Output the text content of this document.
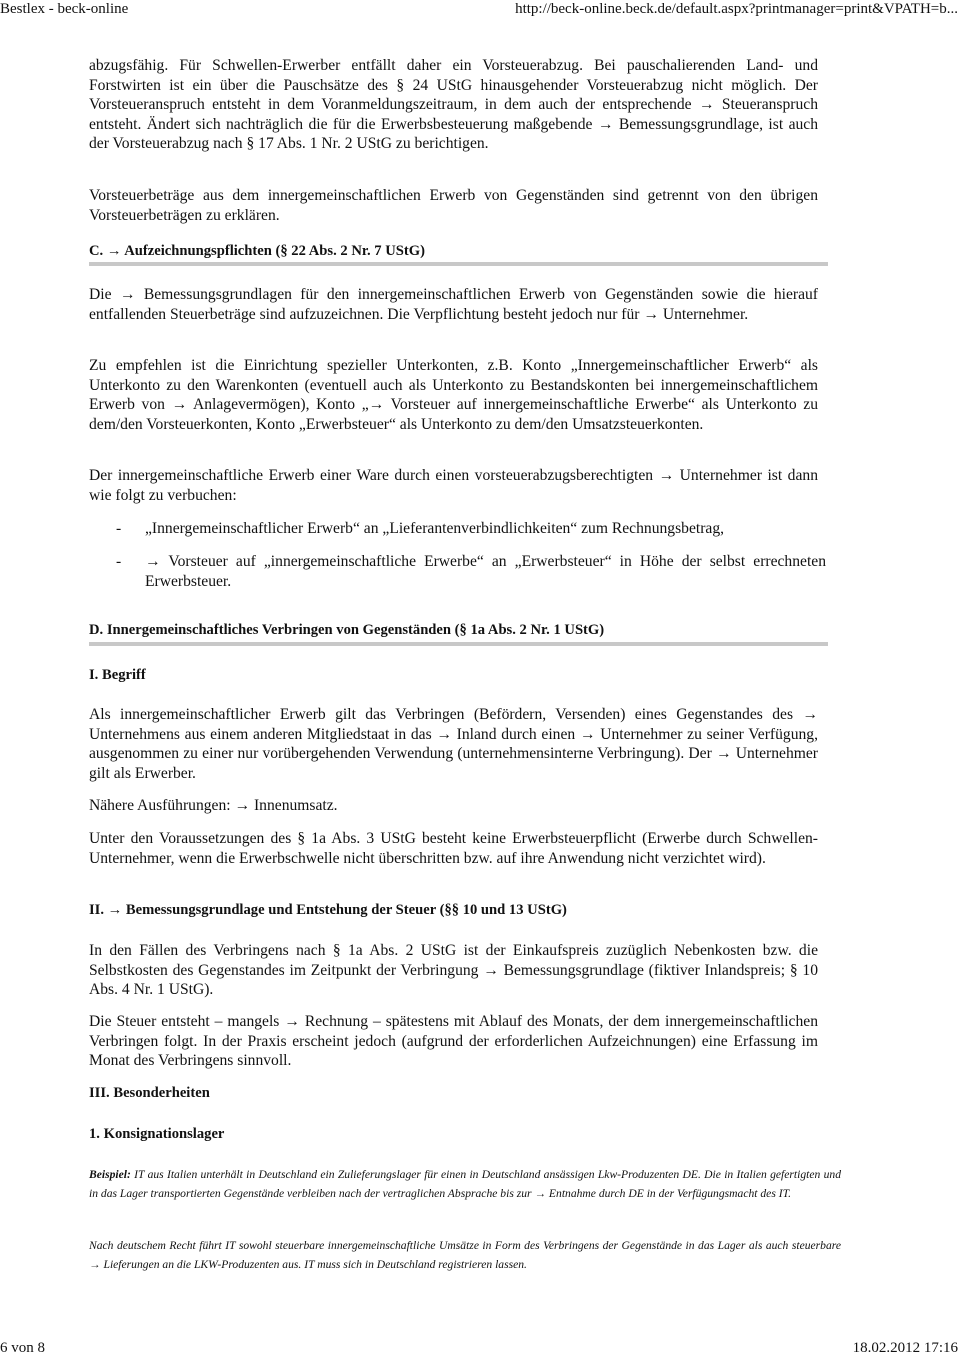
Bestlex - beck-online	http://beck-online.beck.de/default.aspx?printmanager=print&VPATH=b...

abzugsfähig. Für Schwellen-Erwerber entfällt daher ein Vorsteuerabzug. Bei pauschalierenden Land- und Forstwirten ist ein über die Pauschsätze des § 24 UStG hinausgehender Vorsteuerabzug nicht möglich. Der Vorsteueranspruch entsteht in dem Voranmeldungszeitraum, in dem auch der entsprechende → Steueranspruch entsteht. Ändert sich nachträglich die für die Erwerbsbesteuerung maßgebende → Bemessungsgrundlage, ist auch der Vorsteuerabzug nach § 17 Abs. 1 Nr. 2 UStG zu berichtigen.

Vorsteuerbeträge aus dem innergemeinschaftlichen Erwerb von Gegenständen sind getrennt von den übrigen Vorsteuerbeträgen zu erklären.

C. → Aufzeichnungspflichten (§ 22 Abs. 2 Nr. 7 UStG)

Die → Bemessungsgrundlagen für den innergemeinschaftlichen Erwerb von Gegenständen sowie die hierauf entfallenden Steuerbeträge sind aufzuzeichnen. Die Verpflichtung besteht jedoch nur für → Unternehmer.

Zu empfehlen ist die Einrichtung spezieller Unterkonten, z.B. Konto „Innergemeinschaftlicher Erwerb“ als Unterkonto zu den Warenkonten (eventuell auch als Unterkonto zu Bestandskonten bei innergemeinschaftlichem Erwerb von → Anlagevermögen), Konto „→ Vorsteuer auf innergemeinschaftliche Erwerbe“ als Unterkonto zu dem/den Vorsteuerkonten, Konto „Erwerbsteuer“ als Unterkonto zu dem/den Umsatzsteuerkonten.

Der innergemeinschaftliche Erwerb einer Ware durch einen vorsteuerabzugsberechtigten → Unternehmer ist dann wie folgt zu verbuchen:

- „Innergemeinschaftlicher Erwerb“ an „Lieferantenverbindlichkeiten“ zum Rechnungsbetrag,
- → Vorsteuer auf „innergemeinschaftliche Erwerbe“ an „Erwerbsteuer“ in Höhe der selbst errechneten Erwerbsteuer.
D. Innergemeinschaftliches Verbringen von Gegenständen (§ 1a Abs. 2 Nr. 1 UStG)
I. Begriff

Als innergemeinschaftlicher Erwerb gilt das Verbringen (Befördern, Versenden) eines Gegenstandes des → Unternehmens aus einem anderen Mitgliedstaat in das → Inland durch einen → Unternehmer zu seiner Verfügung, ausgenommen zu einer nur vorübergehenden Verwendung (unternehmensinterne Verbringung). Der → Unternehmer gilt als Erwerber.

Nähere Ausführungen: → Innenumsatz.

Unter den Voraussetzungen des § 1a Abs. 3 UStG besteht keine Erwerbsteuerpflicht (Erwerbe durch Schwellen-Unternehmer, wenn die Erwerbschwelle nicht überschritten bzw. auf ihre Anwendung nicht verzichtet wird).

II. → Bemessungsgrundlage und Entstehung der Steuer (§§ 10 und 13 UStG)

In den Fällen des Verbringens nach § 1a Abs. 2 UStG ist der Einkaufspreis zuzüglich Nebenkosten bzw. die Selbstkosten des Gegenstandes im Zeitpunkt der Verbringung → Bemessungsgrundlage (fiktiver Inlandspreis; § 10 Abs. 4 Nr. 1 UStG).

Die Steuer entsteht – mangels → Rechnung – spätestens mit Ablauf des Monats, der dem innergemeinschaftlichen Verbringen folgt. In der Praxis erscheint jedoch (aufgrund der erforderlichen Aufzeichnungen) eine Erfassung im Monat des Verbringens sinnvoll.

III. Besonderheiten
1. Konsignationslager

Beispiel: IT aus Italien unterhält in Deutschland ein Zulieferungslager für einen in Deutschland ansässigen Lkw-Produzenten DE. Die in Italien gefertigten und in das Lager transportierten Gegenstände verbleiben nach der vertraglichen Absprache bis zur → Entnahme durch DE in der Verfügungsmacht des IT.

Nach deutschem Recht führt IT sowohl steuerbare innergemeinschaftliche Umsätze in Form des Verbringens der Gegenstände in das Lager als auch steuerbare → Lieferungen an die LKW-Produzenten aus. IT muss sich in Deutschland registrieren lassen.

6 von 8	18.02.2012 17:16
